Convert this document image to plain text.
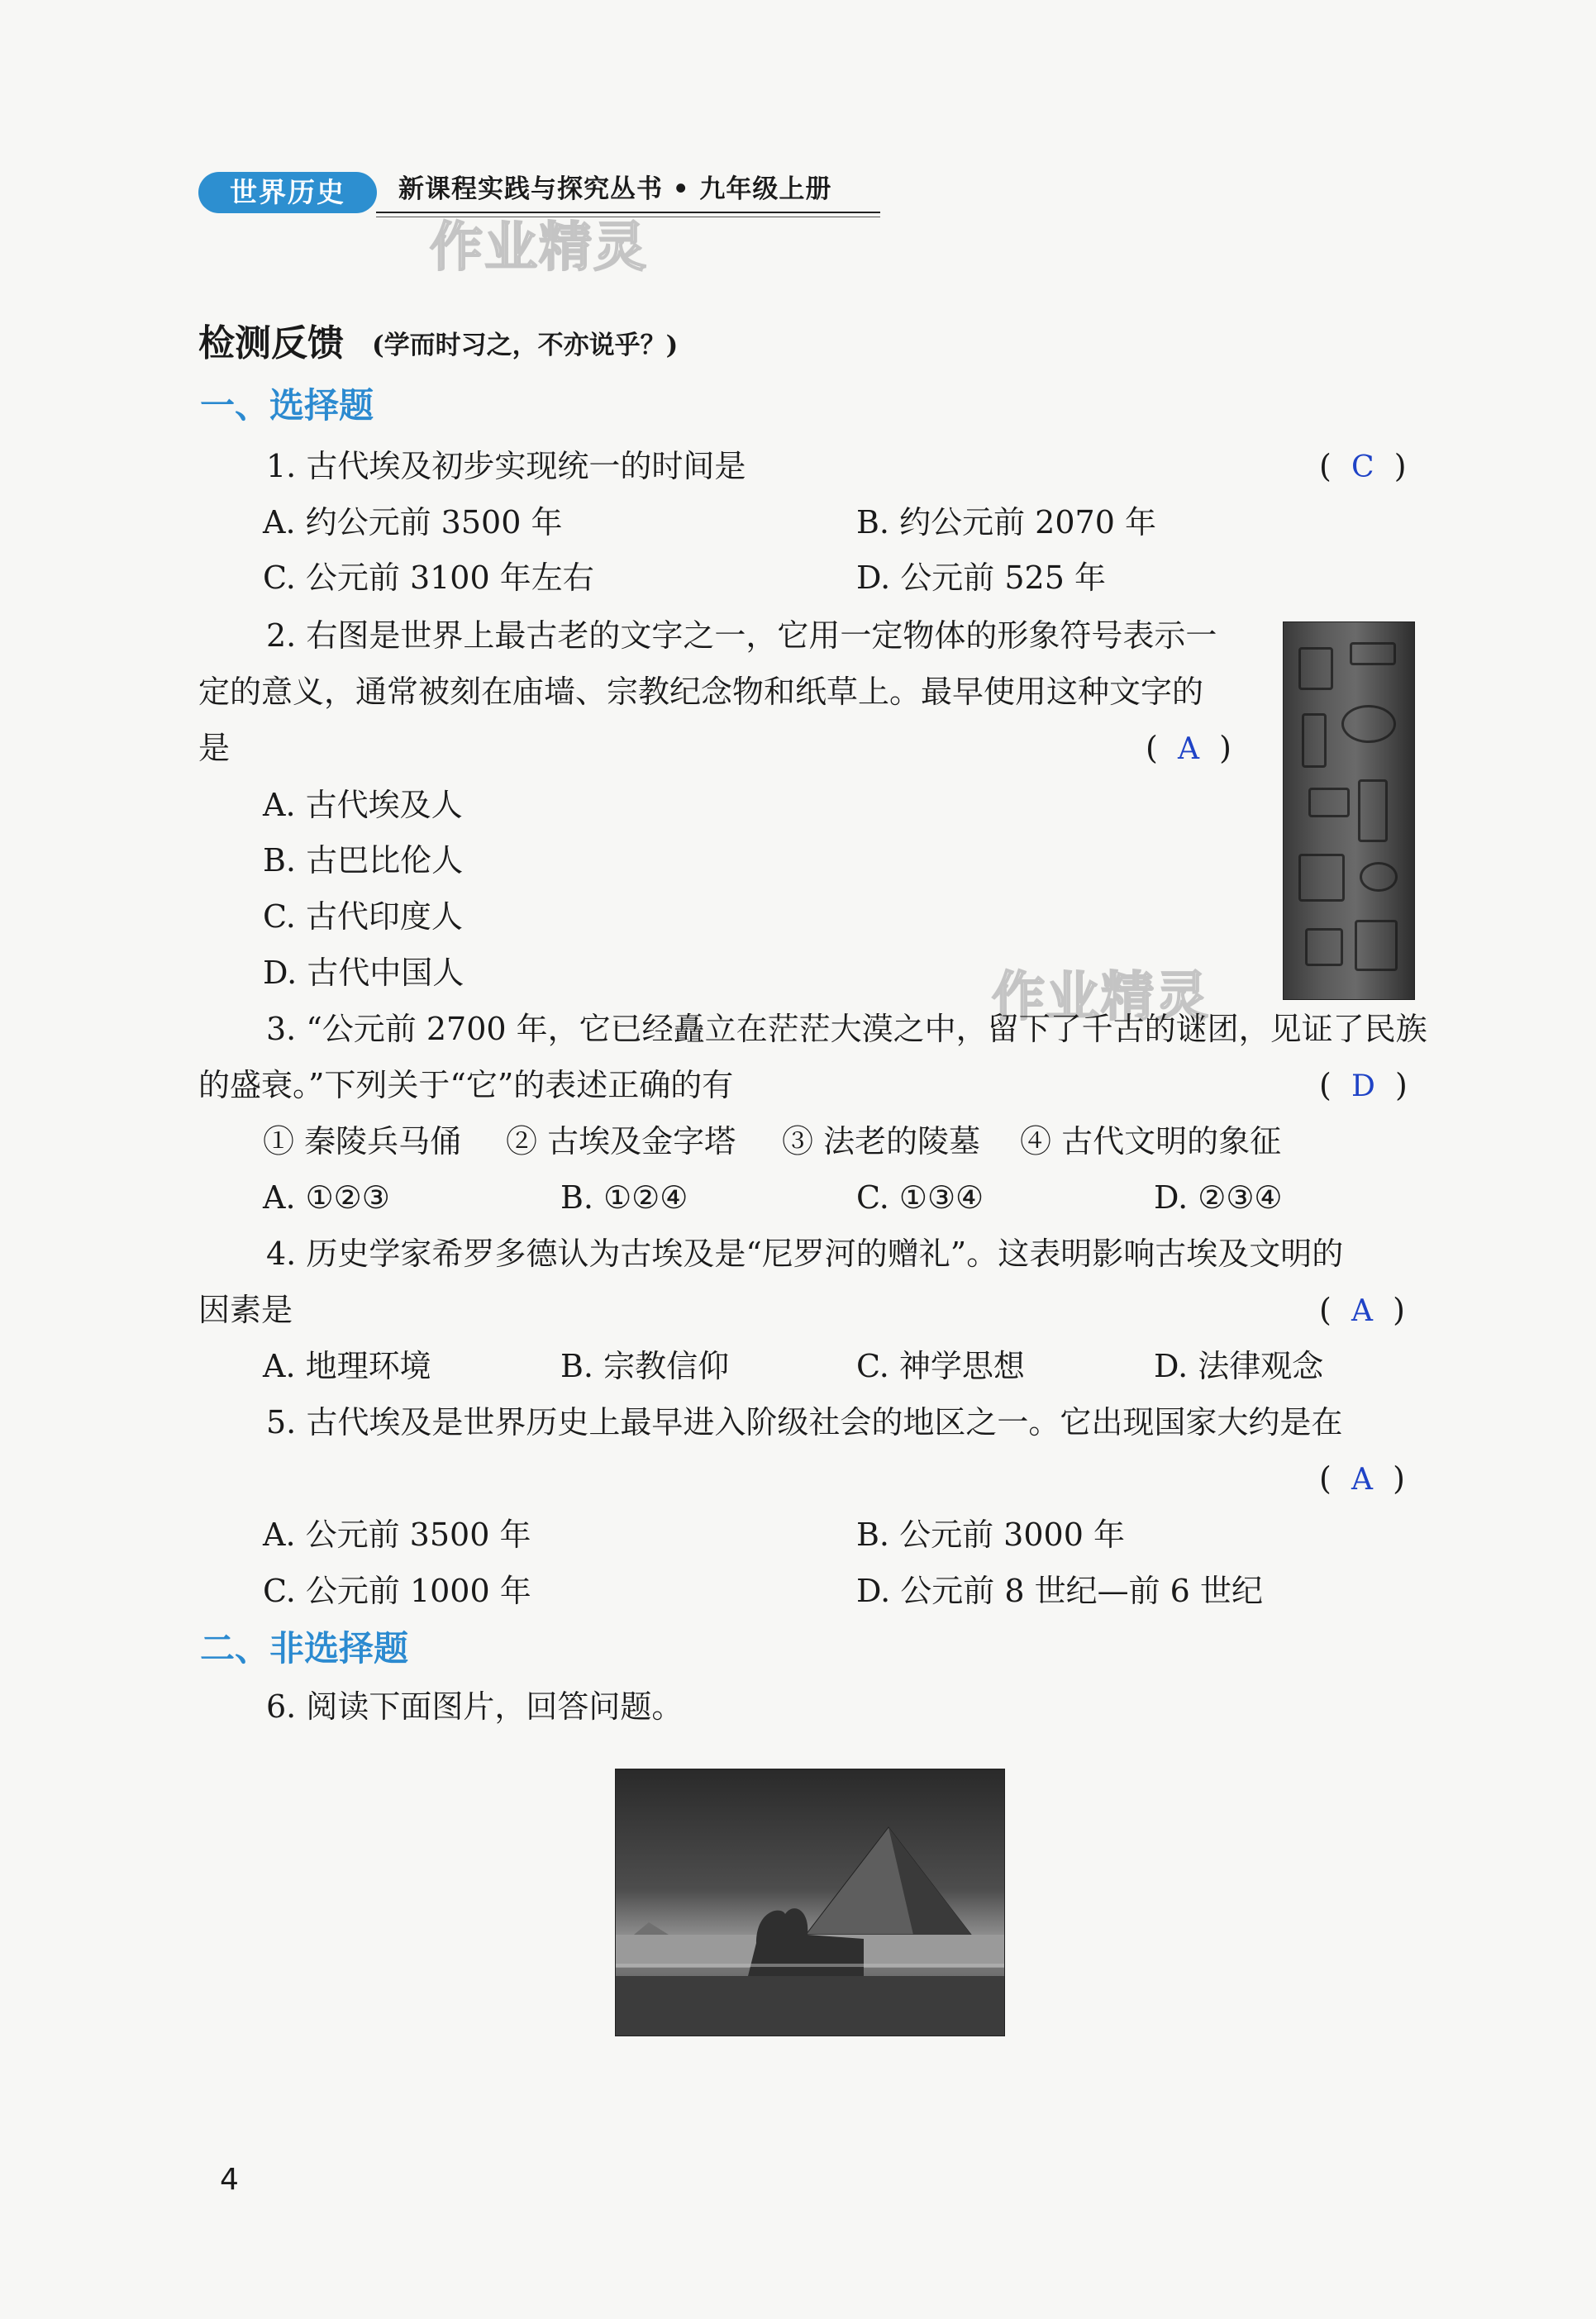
世界历史	新课程实践与探究丛书 • 九年级上册
作业精灵
检测反馈 (学而时习之，不亦说乎？)
一、选择题
1. 古代埃及初步实现统一的时间是	(  C  )
A. 约公元前 3500 年	B. 约公元前 2070 年
C. 公元前 3100 年左右	D. 公元前 525 年
2. 右图是世界上最古老的文字之一，它用一定物体的形象符号表示一
定的意义，通常被刻在庙墙、宗教纪念物和纸草上。最早使用这种文字的
是	(  A  )
A. 古代埃及人
B. 古巴比伦人
C. 古代印度人
D. 古代中国人	作业精灵
3. “公元前 2700 年，它已经矗立在茫茫大漠之中，留下了千古的谜团，见证了民族
的盛衰。”下列关于“它”的表述正确的有	(  D  )
① 秦陵兵马俑 ② 古埃及金字塔 ③ 法老的陵墓 ④ 古代文明的象征
A. ①②③	B. ①②④	C. ①③④	D. ②③④
4. 历史学家希罗多德认为古埃及是“尼罗河的赠礼”。这表明影响古埃及文明的
因素是	(  A  )
A. 地理环境	B. 宗教信仰	C. 神学思想	D. 法律观念
5. 古代埃及是世界历史上最早进入阶级社会的地区之一。它出现国家大约是在
(  A  )
A. 公元前 3500 年	B. 公元前 3000 年
C. 公元前 1000 年	D. 公元前 8 世纪—前 6 世纪
二、非选择题
6. 阅读下面图片，回答问题。
4
